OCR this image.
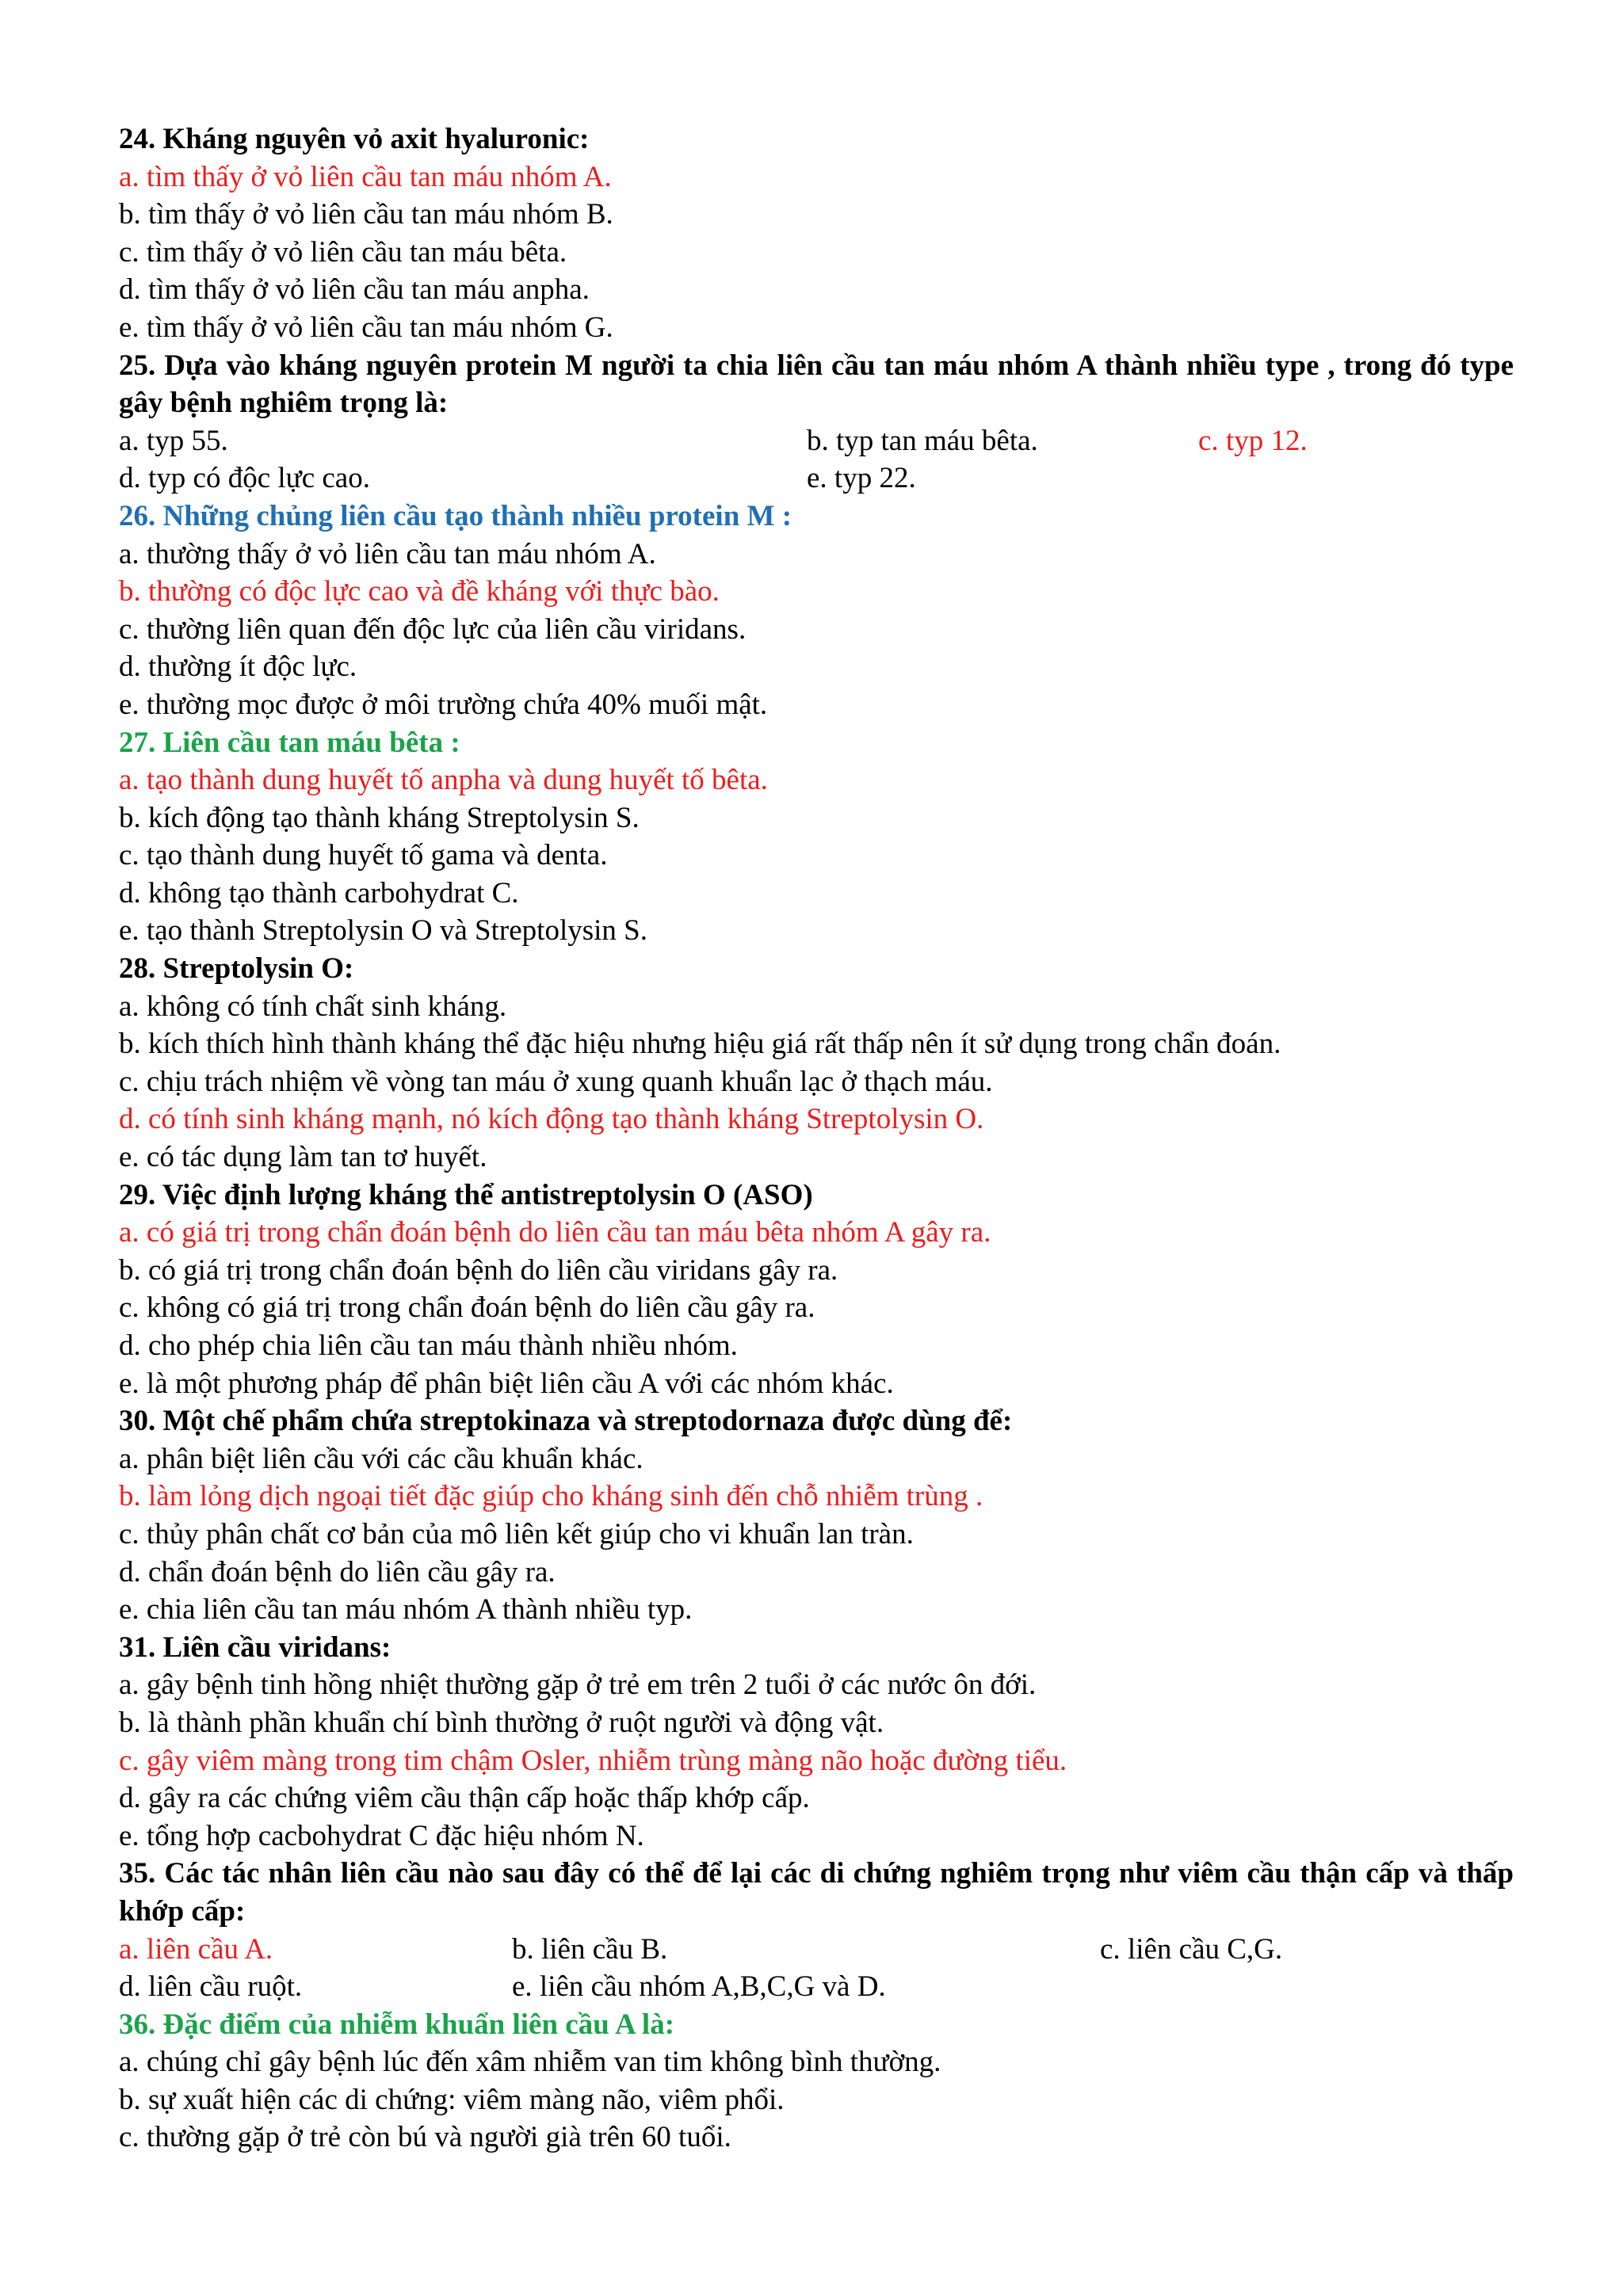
24. Kháng nguyên vỏ axit hyaluronic:
a. tìm thấy ở vỏ liên cầu tan máu nhóm A.
b. tìm thấy ở vỏ liên cầu tan máu nhóm B.
c. tìm thấy ở vỏ liên cầu tan máu bêta.
d. tìm thấy ở vỏ liên cầu tan máu anpha.
e. tìm thấy ở vỏ liên cầu tan máu nhóm G.
25. Dựa vào kháng nguyên protein M người ta chia liên cầu tan máu nhóm A thành nhiều type , trong đó type gây bệnh nghiêm trọng là:
a. typ 55.	b. typ tan máu bêta.	c. typ 12.
d. typ có độc lực cao.	e. typ 22.
26. Những chủng liên cầu tạo thành nhiều protein M :
a. thường thấy ở vỏ liên cầu tan máu nhóm A.
b. thường có độc lực cao và đề kháng với thực bào.
c. thường liên quan đến độc lực của liên cầu viridans.
d. thường ít độc lực.
e. thường mọc được ở môi trường chứa 40% muối mật.
27. Liên cầu tan máu bêta :
a. tạo thành dung huyết tố anpha và dung huyết tố bêta.
b. kích động tạo thành kháng Streptolysin S.
c. tạo thành dung huyết tố gama và denta.
d. không tạo thành carbohydrat C.
e. tạo thành Streptolysin O và Streptolysin S.
28. Streptolysin O:
a. không có tính chất sinh kháng.
b. kích thích hình thành kháng thể đặc hiệu nhưng hiệu giá rất thấp nên ít sử dụng trong chẩn đoán.
c. chịu trách nhiệm về vòng tan máu ở xung quanh khuẩn lạc ở thạch máu.
d. có tính sinh kháng mạnh, nó kích động tạo thành kháng Streptolysin O.
e. có tác dụng làm tan tơ huyết.
29. Việc định lượng kháng thể antistreptolysin O (ASO)
a. có giá trị trong chẩn đoán bệnh do liên cầu tan máu bêta nhóm A gây ra.
b. có giá trị trong chẩn đoán bệnh do liên cầu viridans gây ra.
c. không có giá trị trong chẩn đoán bệnh do liên cầu gây ra.
d. cho phép chia liên cầu tan máu thành nhiều nhóm.
e. là một phương pháp để phân biệt liên cầu A với các nhóm khác.
30. Một chế phẩm chứa streptokinaza và streptodornaza được dùng để:
a. phân biệt liên cầu với các cầu khuẩn khác.
b. làm lỏng dịch ngoại tiết đặc giúp cho kháng sinh đến chỗ nhiễm trùng .
c. thủy phân chất cơ bản của mô liên kết giúp cho vi khuẩn lan tràn.
d. chẩn đoán bệnh do liên cầu gây ra.
e. chia liên cầu tan máu nhóm A thành nhiều typ.
31. Liên cầu viridans:
a. gây bệnh tinh hồng nhiệt thường gặp ở trẻ em trên 2 tuổi ở các nước ôn đới.
b. là thành phần khuẩn chí bình thường ở ruột người và động vật.
c. gây viêm màng trong tim chậm Osler, nhiễm trùng màng não hoặc đường tiểu.
d. gây ra các chứng viêm cầu thận cấp hoặc thấp khớp cấp.
e. tổng hợp cacbohydrat C đặc hiệu nhóm N.
35. Các tác nhân liên cầu nào sau đây có thể để lại các di chứng nghiêm trọng như viêm cầu thận cấp và thấp khớp cấp:
a. liên cầu A.	b. liên cầu B.	c. liên cầu C,G.
d. liên cầu ruột.	e. liên cầu nhóm A,B,C,G và D.
36. Đặc điểm của nhiễm khuẩn liên cầu A là:
a. chúng chỉ gây bệnh lúc đến xâm nhiễm van tim không bình thường.
b. sự xuất hiện các di chứng: viêm màng não, viêm phổi.
c. thường gặp ở trẻ còn bú và người già trên 60 tuổi.
